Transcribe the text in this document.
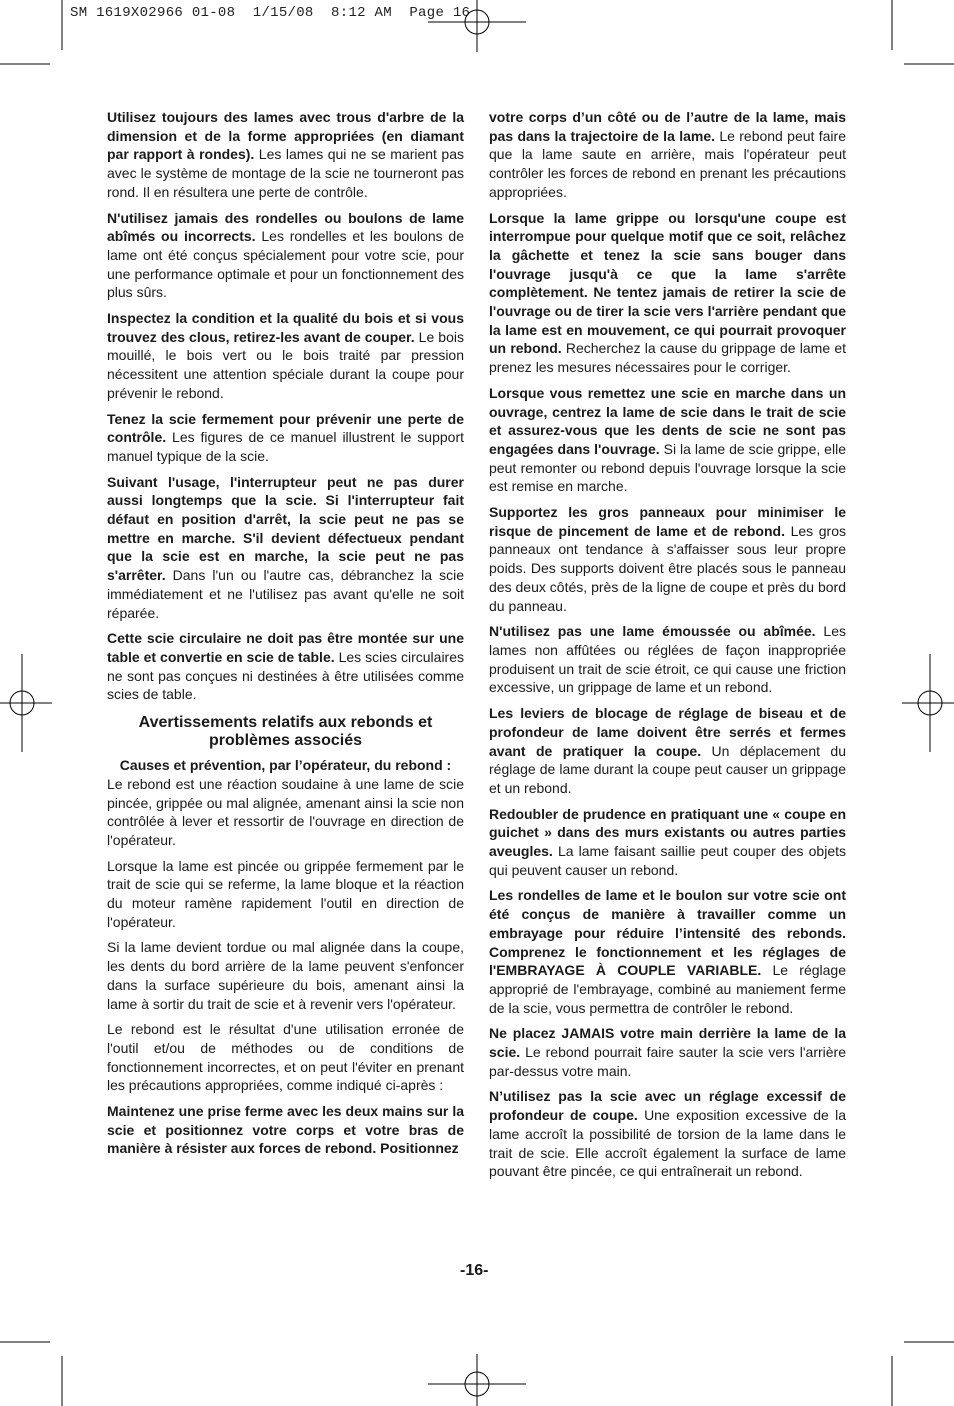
SM 1619X02966 01-08  1/15/08  8:12 AM  Page 16

Utilisez toujours des lames avec trous d'arbre de la dimension et de la forme appropriées (en diamant par rapport à rondes). Les lames qui ne se marient pas avec le système de montage de la scie ne tourneront pas rond. Il en résultera une perte de contrôle.

N'utilisez jamais des rondelles ou boulons de lame abîmés ou incorrects. Les rondelles et les boulons de lame ont été conçus spécialement pour votre scie, pour une performance optimale et pour un fonctionnement des plus sûrs.

Inspectez la condition et la qualité du bois et si vous trouvez des clous, retirez-les avant de couper. Le bois mouillé, le bois vert ou le bois traité par pression nécessitent une attention spéciale durant la coupe pour prévenir le rebond.

Tenez la scie fermement pour prévenir une perte de contrôle. Les figures de ce manuel illustrent le support manuel typique de la scie.

Suivant l'usage, l'interrupteur peut ne pas durer aussi longtemps que la scie. Si l'interrupteur fait défaut en position d'arrêt, la scie peut ne pas se mettre en marche. S'il devient défectueux pendant que la scie est en marche, la scie peut ne pas s'arrêter. Dans l'un ou l'autre cas, débranchez la scie immédiatement et ne l'utilisez pas avant qu'elle ne soit réparée.

Cette scie circulaire ne doit pas être montée sur une table et convertie en scie de table. Les scies circulaires ne sont pas conçues ni destinées à être utilisées comme scies de table.

Avertissements relatifs aux rebonds et problèmes associés
Causes et prévention, par l’opérateur, du rebond :

Le rebond est une réaction soudaine à une lame de scie pincée, grippée ou mal alignée, amenant ainsi la scie non contrôlée à lever et ressortir de l'ouvrage en direction de l'opérateur.

Lorsque la lame est pincée ou grippée fermement par le trait de scie qui se referme, la lame bloque et la réaction du moteur ramène rapidement l'outil en direction de l'opérateur.

Si la lame devient tordue ou mal alignée dans la coupe, les dents du bord arrière de la lame peuvent s'enfoncer dans la surface supérieure du bois, amenant ainsi la lame à sortir du trait de scie et à revenir vers l'opérateur.

Le rebond est le résultat d'une utilisation erronée de l'outil et/ou de méthodes ou de conditions de fonctionnement incorrectes, et on peut l'éviter en prenant les précautions appropriées, comme indiqué ci-après :

Maintenez une prise ferme avec les deux mains sur la scie et positionnez votre corps et votre bras de manière à résister aux forces de rebond. Positionnez

votre corps d’un côté ou de l’autre de la lame, mais pas dans la trajectoire de la lame. Le rebond peut faire que la lame saute en arrière, mais l'opérateur peut contrôler les forces de rebond en prenant les précautions appropriées.

Lorsque la lame grippe ou lorsqu'une coupe est interrompue pour quelque motif que ce soit, relâchez la gâchette et tenez la scie sans bouger dans l'ouvrage jusqu'à ce que la lame s'arrête complètement. Ne tentez jamais de retirer la scie de l'ouvrage ou de tirer la scie vers l'arrière pendant que la lame est en mouvement, ce qui pourrait provoquer un rebond. Recherchez la cause du grippage de lame et prenez les mesures nécessaires pour le corriger.

Lorsque vous remettez une scie en marche dans un ouvrage, centrez la lame de scie dans le trait de scie et assurez-vous que les dents de scie ne sont pas engagées dans l'ouvrage. Si la lame de scie grippe, elle peut remonter ou rebond depuis l'ouvrage lorsque la scie est remise en marche.

Supportez les gros panneaux pour minimiser le risque de pincement de lame et de rebond. Les gros panneaux ont tendance à s'affaisser sous leur propre poids. Des supports doivent être placés sous le panneau des deux côtés, près de la ligne de coupe et près du bord du panneau.

N'utilisez pas une lame émoussée ou abîmée. Les lames non affûtées ou réglées de façon inappropriée produisent un trait de scie étroit, ce qui cause une friction excessive, un grippage de lame et un rebond.

Les leviers de blocage de réglage de biseau et de profondeur de lame doivent être serrés et fermes avant de pratiquer la coupe. Un déplacement du réglage de lame durant la coupe peut causer un grippage et un rebond.

Redoubler de prudence en pratiquant une « coupe en guichet » dans des murs existants ou autres parties aveugles. La lame faisant saillie peut couper des objets qui peuvent causer un rebond.

Les rondelles de lame et le boulon sur votre scie ont été conçus de manière à travailler comme un embrayage pour réduire l’intensité des rebonds. Comprenez le fonctionnement et les réglages de l'EMBRAYAGE À COUPLE VARIABLE. Le réglage approprié de l'embrayage, combiné au maniement ferme de la scie, vous permettra de contrôler le rebond.

Ne placez JAMAIS votre main derrière la lame de la scie. Le rebond pourrait faire sauter la scie vers l'arrière par-dessus votre main.

N’utilisez pas la scie avec un réglage excessif de profondeur de coupe. Une exposition excessive de la lame accroît la possibilité de torsion de la lame dans le trait de scie. Elle accroît également la surface de lame pouvant être pincée, ce qui entraînerait un rebond.

-16-
